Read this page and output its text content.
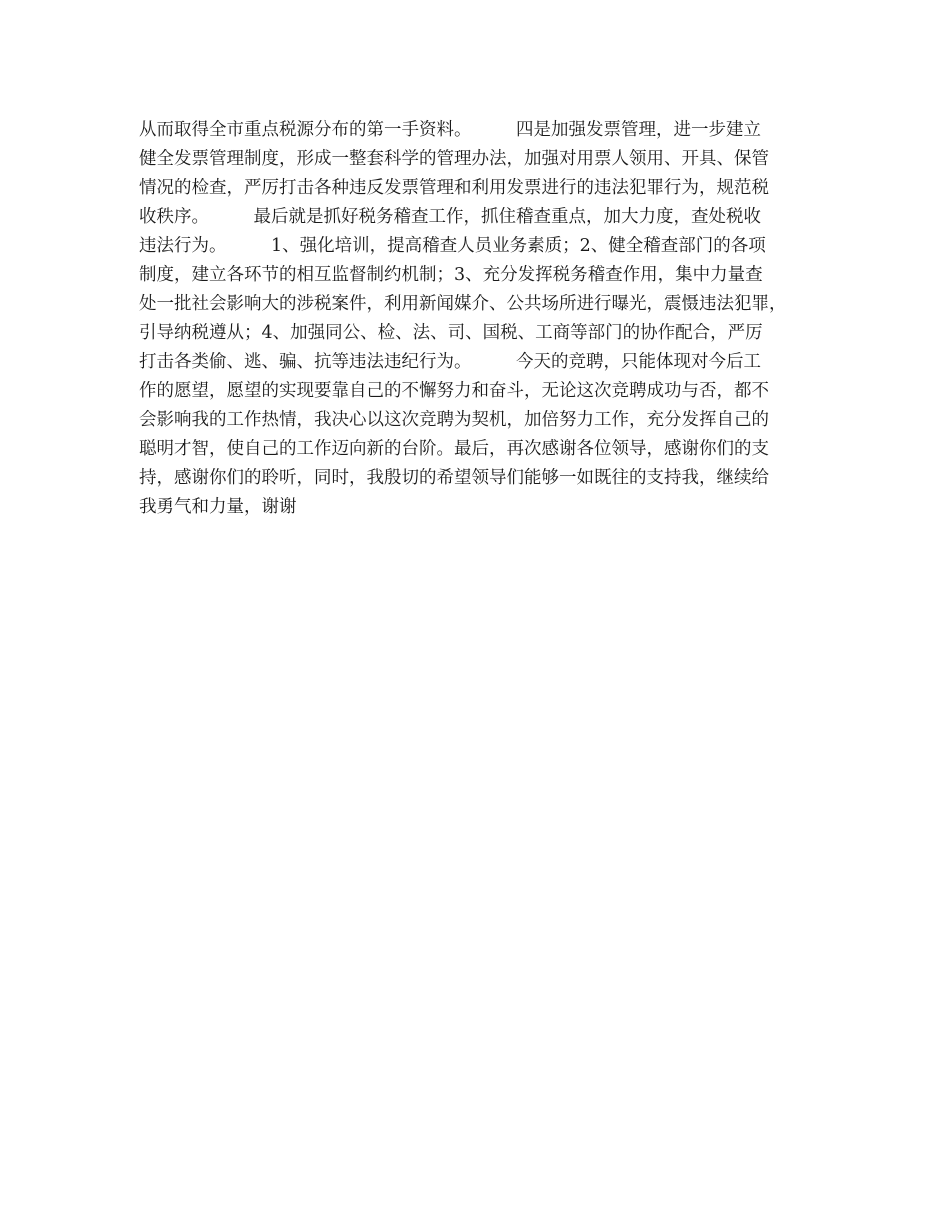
从而取得全市重点税源分布的第一手资料。        四是加强发票管理，进一步建立
健全发票管理制度，形成一整套科学的管理办法，加强对用票人领用、开具、保管
情况的检查，严厉打击各种违反发票管理和利用发票进行的违法犯罪行为，规范税
收秩序。        最后就是抓好税务稽查工作，抓住稽查重点，加大力度，查处税收
违法行为。        1、强化培训，提高稽查人员业务素质；2、健全稽查部门的各项
制度，建立各环节的相互监督制约机制；3、充分发挥税务稽查作用，集中力量查
处一批社会影响大的涉税案件，利用新闻媒介、公共场所进行曝光，震慑违法犯罪，
引导纳税遵从；4、加强同公、检、法、司、国税、工商等部门的协作配合，严厉
打击各类偷、逃、骗、抗等违法违纪行为。        今天的竞聘，只能体现对今后工
作的愿望，愿望的实现要靠自己的不懈努力和奋斗，无论这次竞聘成功与否，都不
会影响我的工作热情，我决心以这次竞聘为契机，加倍努力工作，充分发挥自己的
聪明才智，使自己的工作迈向新的台阶。最后，再次感谢各位领导，感谢你们的支
持，感谢你们的聆听，同时，我殷切的希望领导们能够一如既往的支持我，继续给
我勇气和力量，谢谢
